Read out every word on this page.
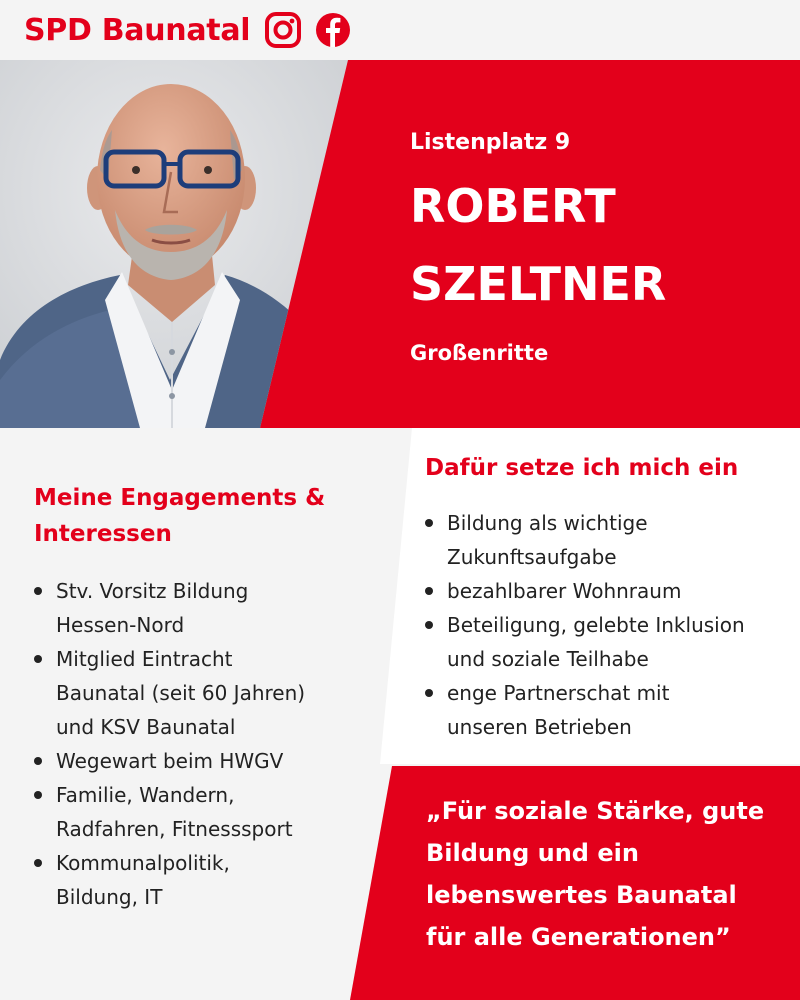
SPD Baunatal
Listenplatz 9
ROBERT
SZELTNER
Großenritte
Meine Engagements &
Interessen
Stv. Vorsitz Bildung
Hessen-Nord
Mitglied Eintracht
Baunatal (seit 60 Jahren)
und KSV Baunatal
Wegewart beim HWGV
Familie, Wandern,
Radfahren, Fitnesssport
Kommunalpolitik,
Bildung, IT
Dafür setze ich mich ein
Bildung als wichtige
Zukunftsaufgabe
bezahlbarer Wohnraum
Beteiligung, gelebte Inklusion
und soziale Teilhabe
enge Partnerschat mit
unseren Betrieben
„Für soziale Stärke, gute
Bildung und ein
lebenswertes Baunatal
für alle Generationen”
